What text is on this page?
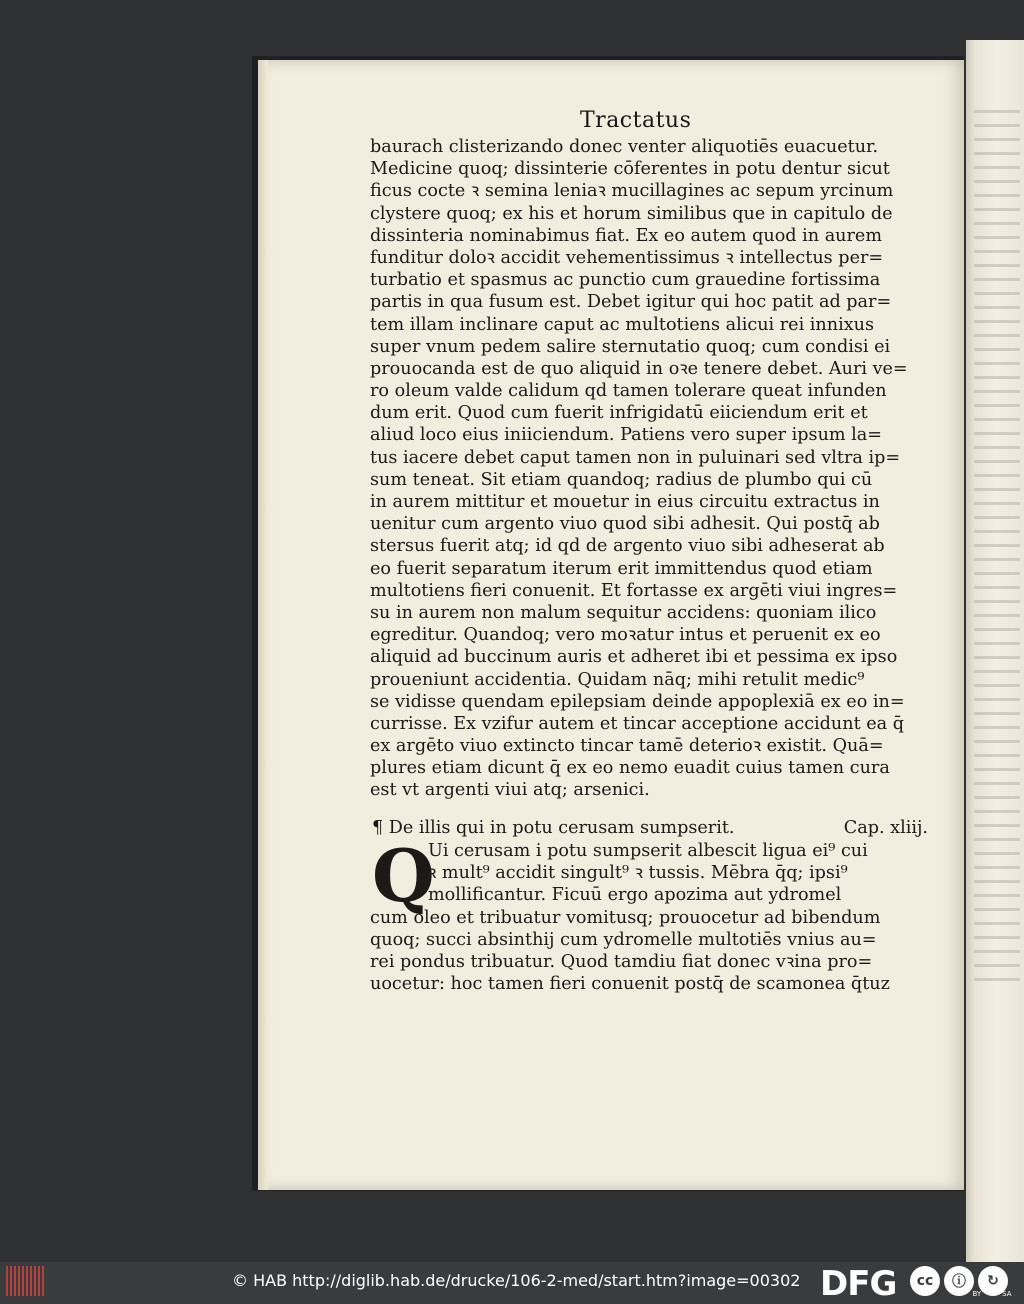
Tractatus
baurach clisterizando donec venter aliquotiēs euacuetur.
Medicine quoq; dissinterie cōferentes in potu dentur sicut
ficus cocte ꝛ semina leniaꝛ mucillagines ac sepum yrcinum
clystere quoq; ex his et horum similibus que in capitulo de
dissinteria nominabimus fiat. Ex eo autem quod in aurem
funditur doloꝛ accidit vehementissimus ꝛ intellectus per=
turbatio et spasmus ac punctio cum grauedine fortissima
partis in qua fusum est. Debet igitur qui hoc patit ad par=
tem illam inclinare caput ac multotiens alicui rei innixus
super vnum pedem salire sternutatio quoq; cum condisi ei
prouocanda est de quo aliquid in oꝛe tenere debet. Auri ve=
ro oleum valde calidum qd tamen tolerare queat infunden
dum erit. Quod cum fuerit infrigidatū eiiciendum erit et
aliud loco eius iniiciendum. Patiens vero super ipsum la=
tus iacere debet caput tamen non in puluinari sed vltra ip=
sum teneat. Sit etiam quandoq; radius de plumbo qui cū
in aurem mittitur et mouetur in eius circuitu extractus in
uenitur cum argento viuo quod sibi adhesit. Qui postq̄ ab
stersus fuerit atq; id qd de argento viuo sibi adheserat ab
eo fuerit separatum iterum erit immittendus quod etiam
multotiens fieri conuenit. Et fortasse ex argēti viui ingres=
su in aurem non malum sequitur accidens: quoniam ilico
egreditur. Quandoq; vero moꝛatur intus et peruenit ex eo
aliquid ad buccinum auris et adheret ibi et pessima ex ipso
proueniunt accidentia. Quidam nāq; mihi retulit medic⁹
se vidisse quendam epilepsiam deinde appoplexiā ex eo in=
currisse. Ex vzifur autem et tincar acceptione accidunt ea q̄
ex argēto viuo extincto tincar tamē deterioꝛ existit. Quā=
plures etiam dicunt q̄ ex eo nemo euadit cuius tamen cura
est vt argenti viui atq; arsenici.
¶ De illis qui in potu cerusam sumpserit.	Cap. xliij.
Q
Ui cerusam i potu sumpserit albescit ligua ei⁹ cui
ꝛ mult⁹ accidit singult⁹ ꝛ tussis. Mēbra q̄q; ipsi⁹
mollificantur. Ficuū ergo apozima aut ydromel
cum oleo et tribuatur vomitusq; prouocetur ad bibendum
quoq; succi absinthij cum ydromelle multotiēs vnius au=
rei pondus tribuatur. Quod tamdiu fiat donec vꝛina pro=
uocetur: hoc tamen fieri conuenit postq̄ de scamonea q̄tuz
© HAB http://diglib.hab.de/drucke/106-2-med/start.htm?image=00302 DFG	cc	ⓘ	↻
BY	SA
